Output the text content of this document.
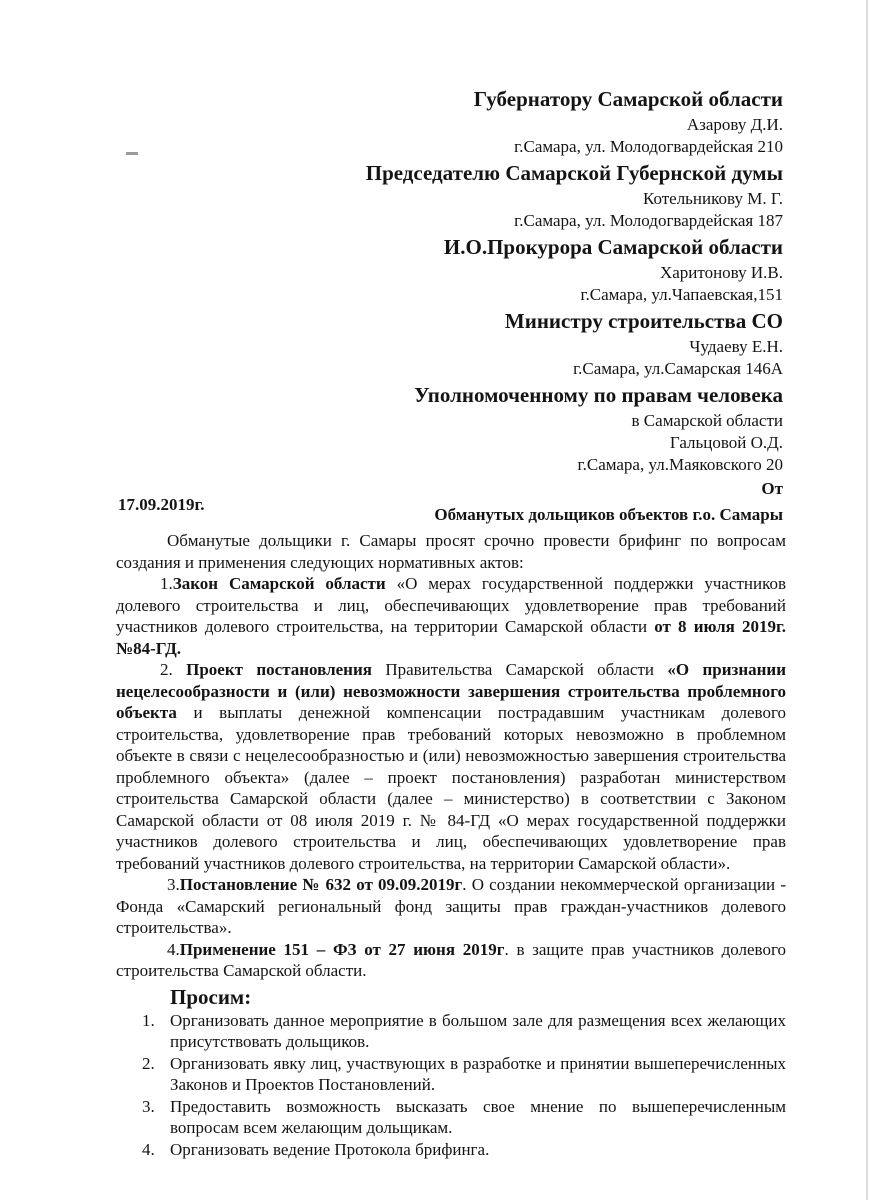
Губернатору Самарской области
Азарову Д.И.
г.Самара, ул. Молодогвардейская 210
Председателю Самарской Губернской думы
Котельникову М. Г.
г.Самара, ул. Молодогвардейская 187
И.О.Прокурора Самарской области
Харитонову И.В.
г.Самара, ул.Чапаевская,151
Министру строительства СО
Чудаеву Е.Н.
г.Самара, ул.Самарская 146А
Уполномоченному по правам человека
в Самарской области
Гальцовой О.Д.
г.Самара, ул.Маяковского 20
От
Обманутых дольщиков объектов г.о. Самары
17.09.2019г.

Обманутые дольщики г. Самары просят срочно провести брифинг по вопросам создания и применения следующих нормативных актов:

1.Закон Самарской области «О мерах государственной поддержки участников долевого строительства и лиц, обеспечивающих удовлетворение прав требований участников долевого строительства, на территории Самарской области от 8 июля 2019г. №84-ГД.

2. Проект постановления Правительства Самарской области «О признании нецелесообразности и (или) невозможности завершения строительства проблемного объекта и выплаты денежной компенсации пострадавшим участникам долевого строительства, удовлетворение прав требований которых невозможно в проблемном объекте в связи с нецелесообразностью и (или) невозможностью завершения строительства проблемного объекта» (далее – проект постановления) разработан министерством строительства Самарской области (далее – министерство) в соответствии с Законом Самарской области от 08 июля 2019 г. № 84-ГД «О мерах государственной поддержки участников долевого строительства и лиц, обеспечивающих удовлетворение прав требований участников долевого строительства, на территории Самарской области».

3.Постановление № 632 от 09.09.2019г. О создании некоммерческой организации - Фонда «Самарский региональный фонд защиты прав граждан-участников долевого строительства».

4.Применение 151 – ФЗ от 27 июня 2019г. в защите прав участников долевого строительства Самарской области.

Просим:
1. Организовать данное мероприятие в большом зале для размещения всех желающих присутствовать дольщиков.
2. Организовать явку лиц, участвующих в разработке и принятии вышеперечисленных Законов и Проектов Постановлений.
3. Предоставить возможность высказать свое мнение по вышеперечисленным вопросам всем желающим дольщикам.
4. Организовать ведение Протокола брифинга.
